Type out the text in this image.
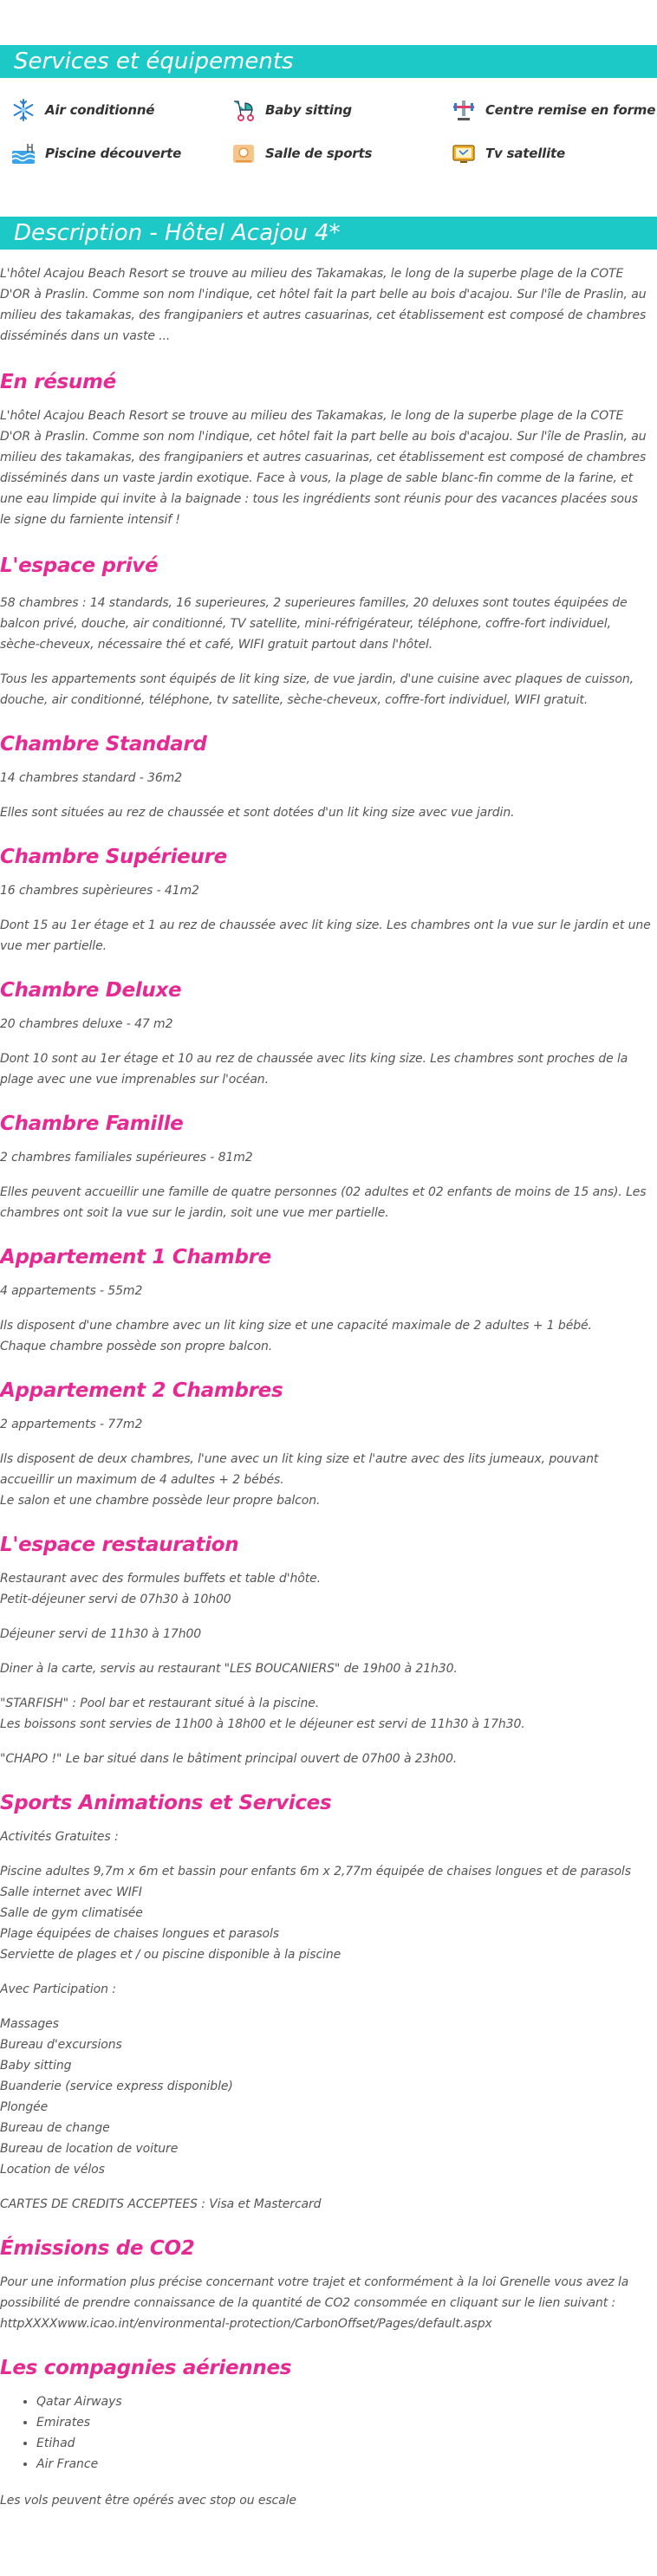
Services et équipements
Air conditionné	Baby sitting	Centre remise en forme
Piscine découverte	Salle de sports	Tv satellite
Description - Hôtel Acajou 4*

L'hôtel Acajou Beach Resort se trouve au milieu des Takamakas, le long de la superbe plage de la COTE D'OR à Praslin. Comme son nom l'indique, cet hôtel fait la part belle au bois d'acajou. Sur l'île de Praslin, au milieu des takamakas, des frangipaniers et autres casuarinas, cet établissement est composé de chambres disséminés dans un vaste ...

En résumé

L'hôtel Acajou Beach Resort se trouve au milieu des Takamakas, le long de la superbe plage de la COTE D'OR à Praslin. Comme son nom l'indique, cet hôtel fait la part belle au bois d'acajou. Sur l'île de Praslin, au milieu des takamakas, des frangipaniers et autres casuarinas, cet établissement est composé de chambres disséminés dans un vaste jardin exotique. Face à vous, la plage de sable blanc-fin comme de la farine, et une eau limpide qui invite à la baignade : tous les ingrédients sont réunis pour des vacances placées sous le signe du farniente intensif !

L'espace privé

58 chambres : 14 standards, 16 superieures, 2 superieures familles, 20 deluxes sont toutes équipées de balcon privé, douche, air conditionné, TV satellite, mini-réfrigérateur, téléphone, coffre-fort individuel, sèche-cheveux, nécessaire thé et café, WIFI gratuit partout dans l'hôtel.

Tous les appartements sont équipés de lit king size, de vue jardin, d'une cuisine avec plaques de cuisson, douche, air conditionné, téléphone, tv satellite, sèche-cheveux, coffre-fort individuel, WIFI gratuit.

Chambre Standard

14 chambres standard - 36m2

Elles sont situées au rez de chaussée et sont dotées d'un lit king size avec vue jardin.

Chambre Supérieure

16 chambres supèrieures - 41m2

Dont 15 au 1er étage et 1 au rez de chaussée avec lit king size. Les chambres ont la vue sur le jardin et une vue mer partielle.

Chambre Deluxe

20 chambres deluxe - 47 m2

Dont 10 sont au 1er étage et 10 au rez de chaussée avec lits king size. Les chambres sont proches de la plage avec une vue imprenables sur l'océan.

Chambre Famille

2 chambres familiales supérieures - 81m2

Elles peuvent accueillir une famille de quatre personnes (02 adultes et 02 enfants de moins de 15 ans). Les chambres ont soit la vue sur le jardin, soit une vue mer partielle.

Appartement 1 Chambre

4 appartements - 55m2

Ils disposent d'une chambre avec un lit king size et une capacité maximale de 2 adultes + 1 bébé.

Chaque chambre possède son propre balcon.

Appartement 2 Chambres

2 appartements - 77m2

Ils disposent de deux chambres, l'une avec un lit king size et l'autre avec des lits jumeaux, pouvant accueillir un maximum de 4 adultes + 2 bébés.

Le salon et une chambre possède leur propre balcon.

L'espace restauration

Restaurant avec des formules buffets et table d'hôte.

Petit-déjeuner servi de 07h30 à 10h00

Déjeuner servi de 11h30 à 17h00

Diner à la carte, servis au restaurant "LES BOUCANIERS" de 19h00 à 21h30.

"STARFISH" : Pool bar et restaurant situé à la piscine.

Les boissons sont servies de 11h00 à 18h00 et le déjeuner est servi de 11h30 à 17h30.

"CHAPO !" Le bar situé dans le bâtiment principal ouvert de 07h00 à 23h00.

Sports Animations et Services

Activités Gratuites :

Piscine adultes 9,7m x 6m et bassin pour enfants 6m x 2,77m équipée de chaises longues et de parasols

Salle internet avec WIFI

Salle de gym climatisée

Plage équipées de chaises longues et parasols

Serviette de plages et / ou piscine disponible à la piscine

Avec Participation :

Massages

Bureau d'excursions

Baby sitting

Buanderie (service express disponible)

Plongée

Bureau de change

Bureau de location de voiture

Location de vélos

CARTES DE CREDITS ACCEPTEES : Visa et Mastercard

Émissions de CO2

Pour une information plus précise concernant votre trajet et conformément à la loi Grenelle vous avez la possibilité de prendre connaissance de la quantité de CO2 consommée en cliquant sur le lien suivant : httpXXXXwww.icao.int/environmental-protection/CarbonOffset/Pages/default.aspx

Les compagnies aériennes
• Qatar Airways
• Emirates
• Etihad
• Air France

Les vols peuvent être opérés avec stop ou escale
